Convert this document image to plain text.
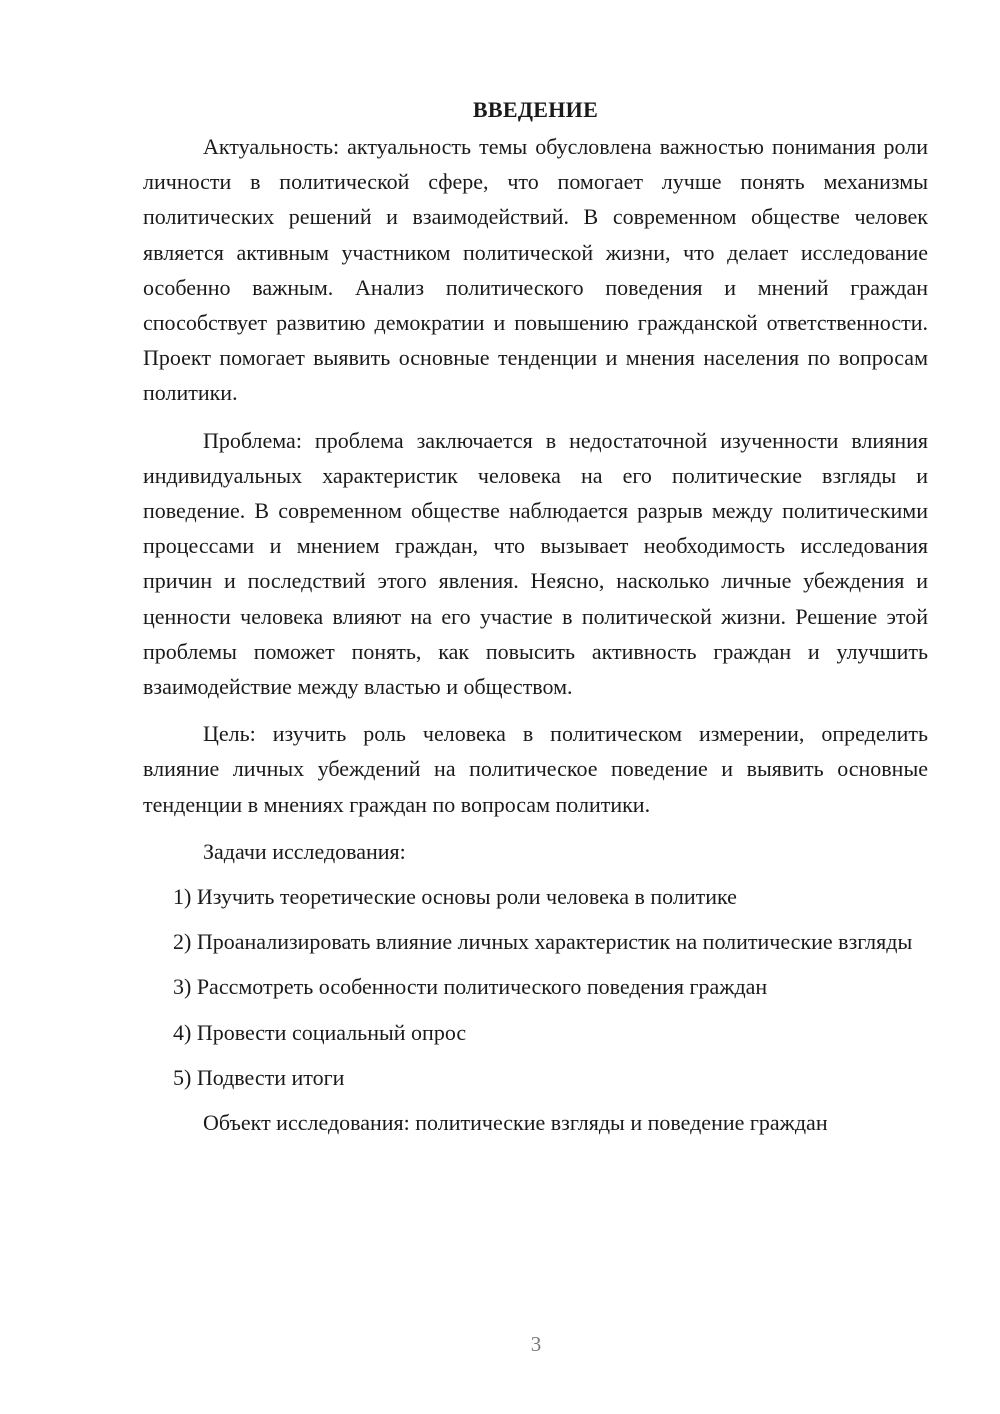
ВВЕДЕНИЕ

Актуальность: актуальность темы обусловлена важностью понимания роли личности в политической сфере, что помогает лучше понять механизмы политических решений и взаимодействий. В современном обществе человек является активным участником политической жизни, что делает исследование особенно важным. Анализ политического поведения и мнений граждан способствует развитию демократии и повышению гражданской ответственности. Проект помогает выявить основные тенденции и мнения населения по вопросам политики.

Проблема: проблема заключается в недостаточной изученности влияния индивидуальных характеристик человека на его политические взгляды и поведение. В современном обществе наблюдается разрыв между политическими процессами и мнением граждан, что вызывает необходимость исследования причин и последствий этого явления. Неясно, насколько личные убеждения и ценности человека влияют на его участие в политической жизни. Решение этой проблемы поможет понять, как повысить активность граждан и улучшить взаимодействие между властью и обществом.

Цель: изучить роль человека в политическом измерении, определить влияние личных убеждений на политическое поведение и выявить основные тенденции в мнениях граждан по вопросам политики.

Задачи исследования:

1) Изучить теоретические основы роли человека в политике

2) Проанализировать влияние личных характеристик на политические взгляды

3) Рассмотреть особенности политического поведения граждан

4) Провести социальный опрос

5) Подвести итоги

Объект исследования: политические взгляды и поведение граждан

3
